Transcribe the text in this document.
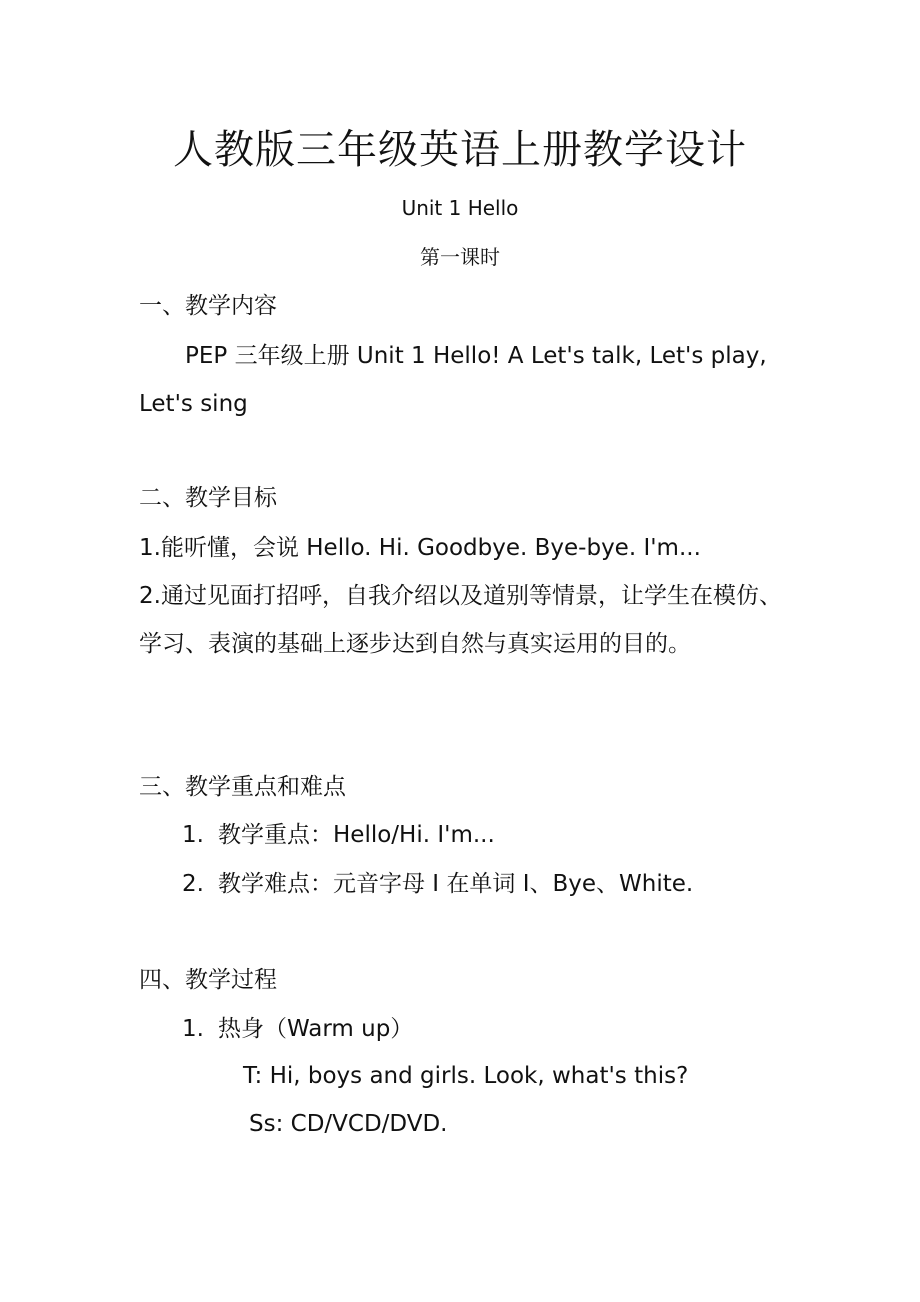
人教版三年级英语上册教学设计
Unit 1 Hello
第一课时
一、教学内容
PEP 三年级上册 Unit 1 Hello! A Let's talk, Let's play, Let's sing
二、教学目标
1.能听懂，会说 Hello. Hi. Goodbye. Bye-bye. I'm...
2.通过见面打招呼，自我介绍以及道别等情景，让学生在模仿、学习、表演的基础上逐步达到自然与真实运用的目的。
三、教学重点和难点
1. 教学重点：Hello/Hi. I'm...
2. 教学难点：元音字母 I 在单词 I、Bye、White.
四、教学过程
1. 热身（Warm up）
T: Hi, boys and girls. Look, what's this?
Ss: CD/VCD/DVD.
